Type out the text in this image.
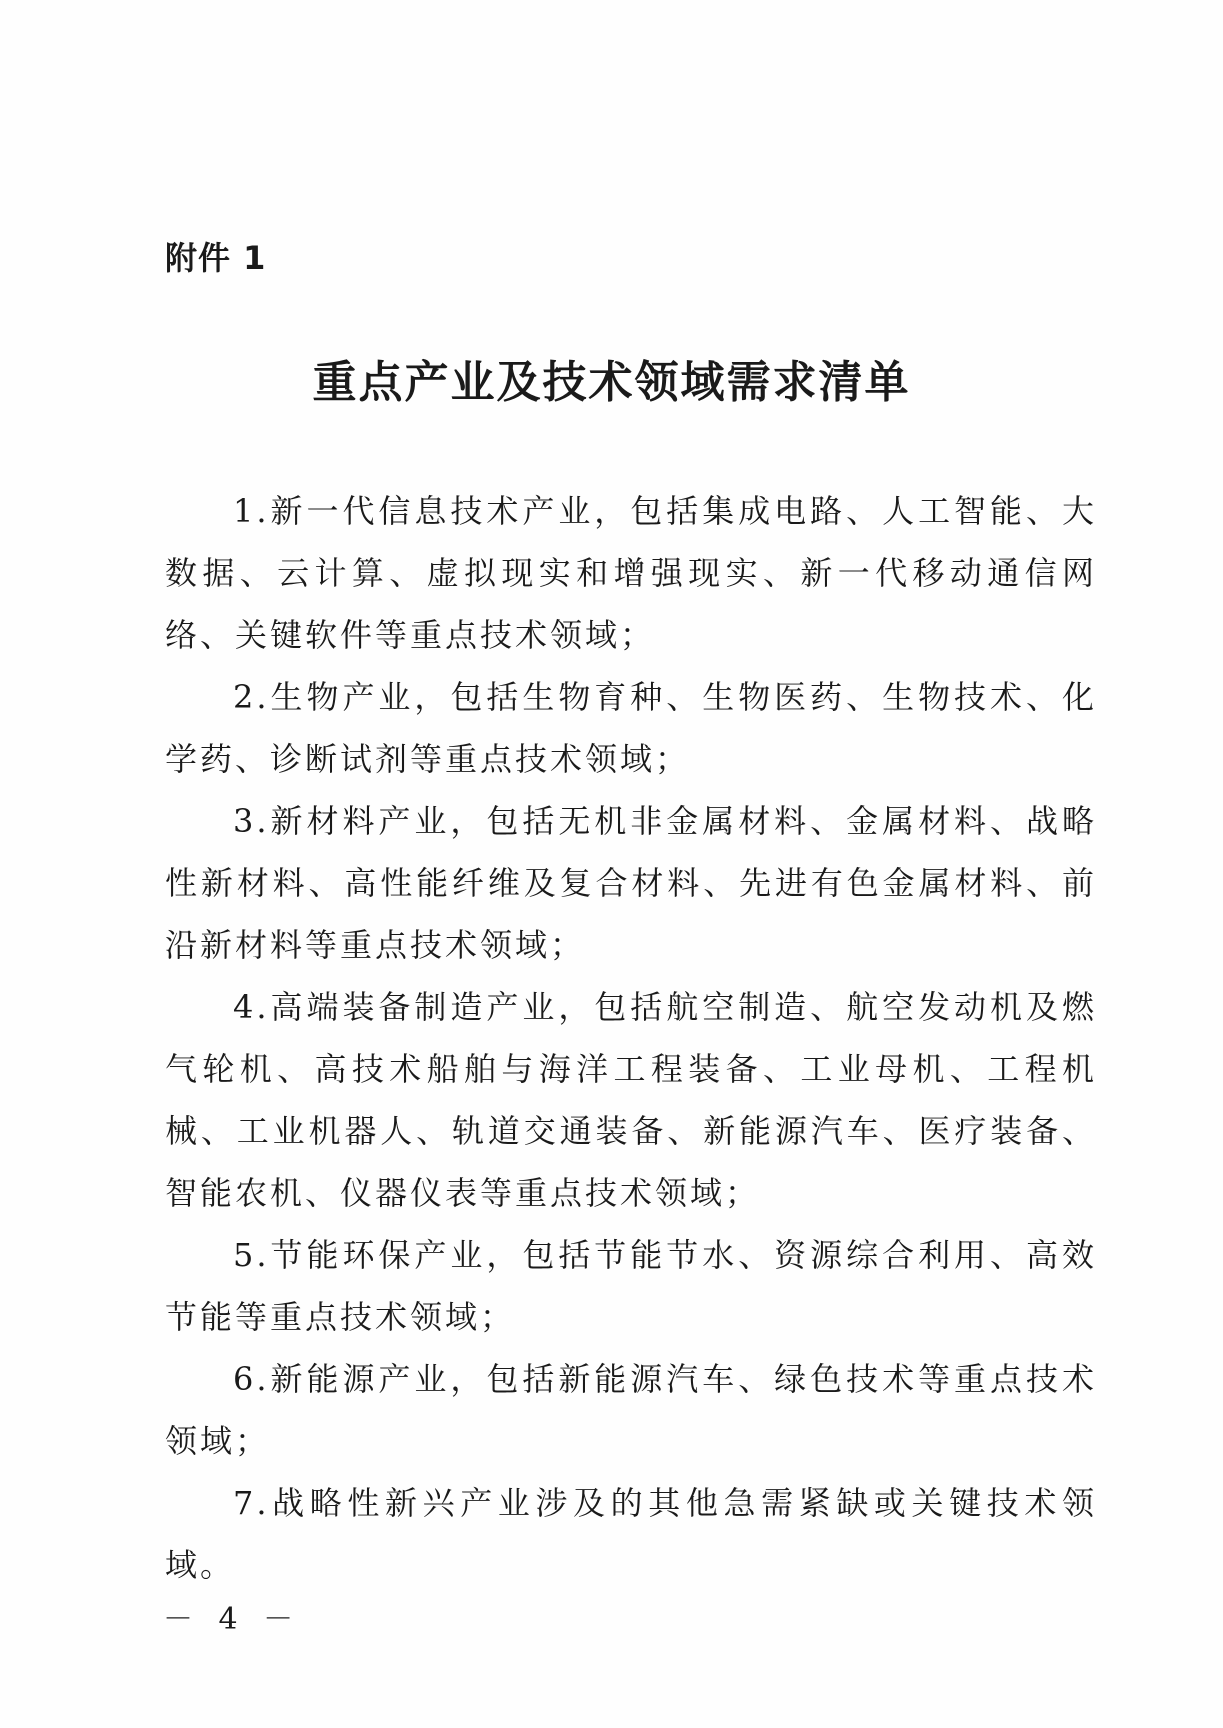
附件 1

重点产业及技术领域需求清单

1.新一代信息技术产业，包括集成电路、人工智能、大数据、云计算、虚拟现实和增强现实、新一代移动通信网络、关键软件等重点技术领域；

2.生物产业，包括生物育种、生物医药、生物技术、化学药、诊断试剂等重点技术领域；

3.新材料产业，包括无机非金属材料、金属材料、战略性新材料、高性能纤维及复合材料、先进有色金属材料、前沿新材料等重点技术领域；

4.高端装备制造产业，包括航空制造、航空发动机及燃气轮机、高技术船舶与海洋工程装备、工业母机、工程机械、工业机器人、轨道交通装备、新能源汽车、医疗装备、智能农机、仪器仪表等重点技术领域；

5.节能环保产业，包括节能节水、资源综合利用、高效节能等重点技术领域；

6.新能源产业，包括新能源汽车、绿色技术等重点技术领域；

7.战略性新兴产业涉及的其他急需紧缺或关键技术领域。

－ 4 －
